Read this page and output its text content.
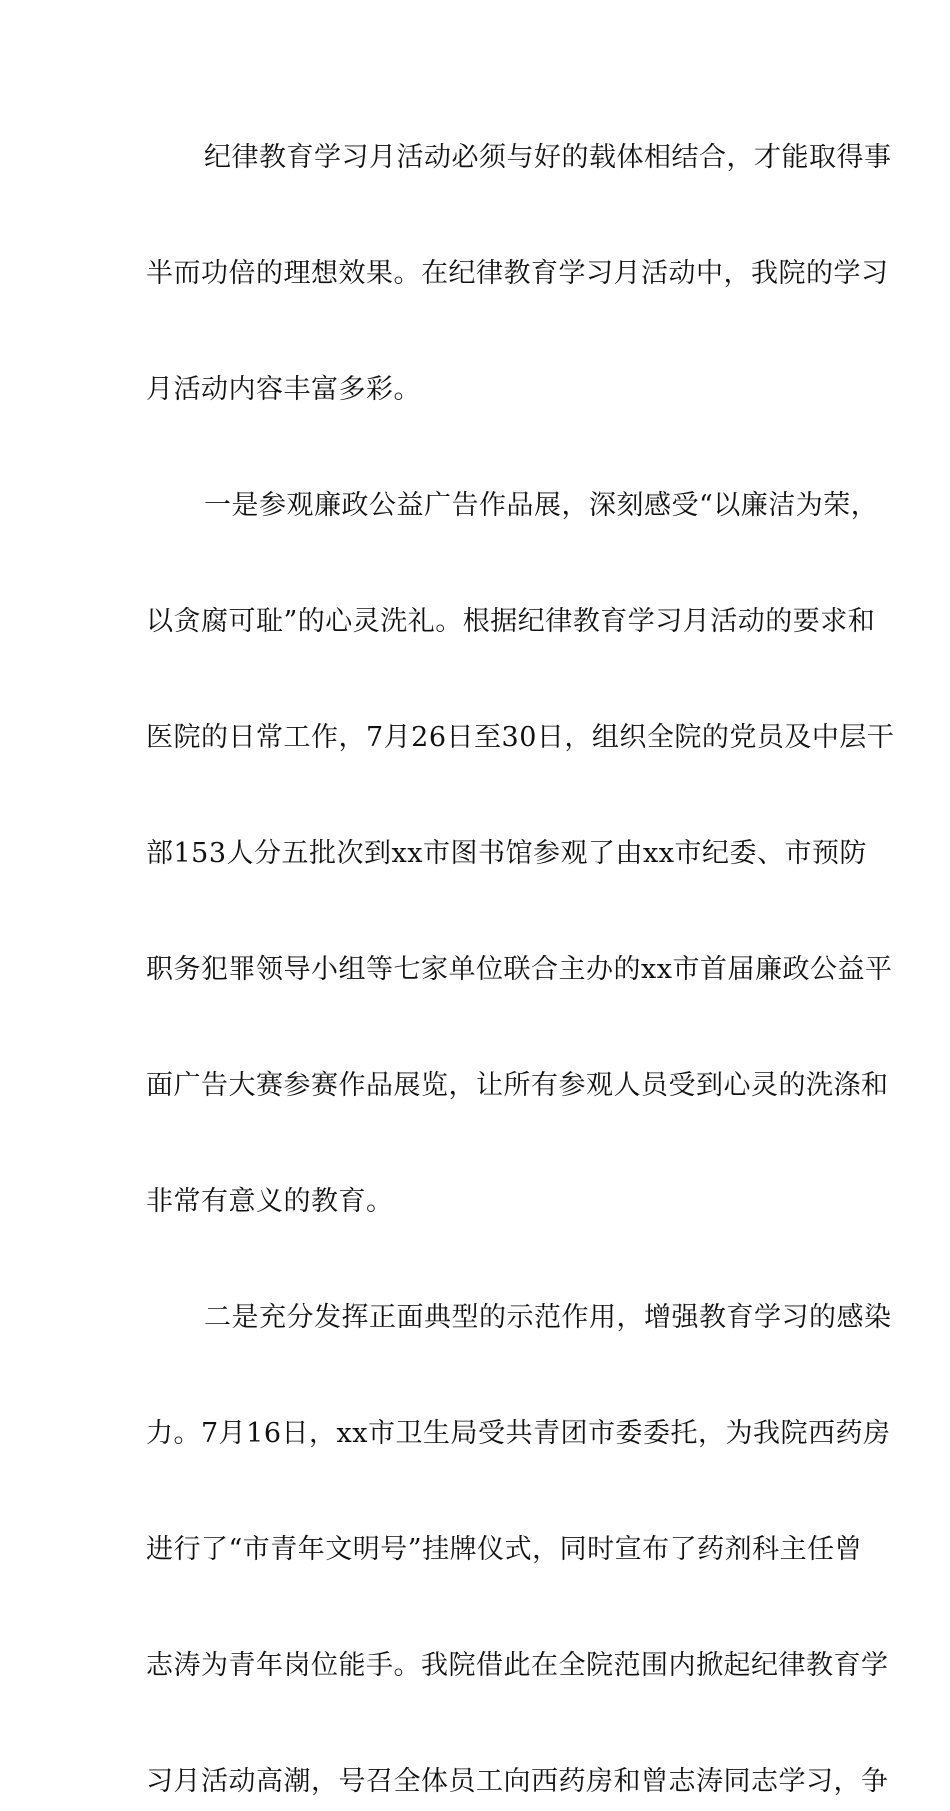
纪律教育学习月活动必须与好的载体相结合，才能取得事
半而功倍的理想效果。在纪律教育学习月活动中，我院的学习
月活动内容丰富多彩。
一是参观廉政公益广告作品展，深刻感受“以廉洁为荣，
以贪腐可耻”的心灵洗礼。根据纪律教育学习月活动的要求和
医院的日常工作，7月26日至30日，组织全院的党员及中层干
部153人分五批次到xx市图书馆参观了由xx市纪委、市预防
职务犯罪领导小组等七家单位联合主办的xx市首届廉政公益平
面广告大赛参赛作品展览，让所有参观人员受到心灵的洗涤和
非常有意义的教育。
二是充分发挥正面典型的示范作用，增强教育学习的感染
力。7月16日，xx市卫生局受共青团市委委托，为我院西药房
进行了“市青年文明号”挂牌仪式，同时宣布了药剂科主任曾
志涛为青年岗位能手。我院借此在全院范围内掀起纪律教育学
习月活动高潮，号召全体员工向西药房和曾志涛同志学习，争
